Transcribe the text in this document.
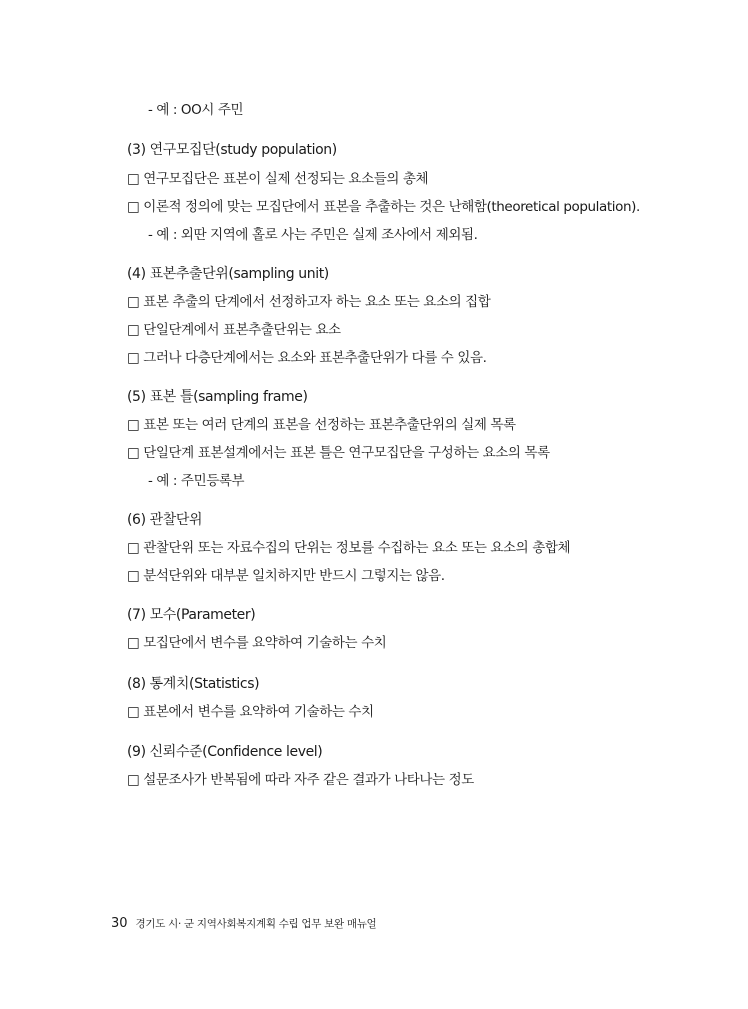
- 예 : OO시 주민
(3) 연구모집단(study population)
□ 연구모집단은 표본이 실제 선정되는 요소들의 총체
□ 이론적 정의에 맞는 모집단에서 표본을 추출하는 것은 난해함(theoretical population).
- 예 : 외딴 지역에 홀로 사는 주민은 실제 조사에서 제외됨.
(4) 표본추출단위(sampling unit)
□ 표본 추출의 단계에서 선정하고자 하는 요소 또는 요소의 집합
□ 단일단계에서 표본추출단위는 요소
□ 그러나 다층단계에서는 요소와 표본추출단위가 다를 수 있음.
(5) 표본 틀(sampling frame)
□ 표본 또는 여러 단계의 표본을 선정하는 표본추출단위의 실제 목록
□ 단일단계 표본설계에서는 표본 틀은 연구모집단을 구성하는 요소의 목록
- 예 : 주민등록부
(6) 관찰단위
□ 관찰단위 또는 자료수집의 단위는 정보를 수집하는 요소 또는 요소의 총합체
□ 분석단위와 대부분 일치하지만 반드시 그렇지는 않음.
(7) 모수(Parameter)
□ 모집단에서 변수를 요약하여 기술하는 수치
(8) 통계치(Statistics)
□ 표본에서 변수를 요약하여 기술하는 수치
(9) 신뢰수준(Confidence level)
□ 설문조사가 반복됨에 따라 자주 같은 결과가 나타나는 정도
30 경기도 시· 군 지역사회복지계획 수립 업무 보완 매뉴얼
